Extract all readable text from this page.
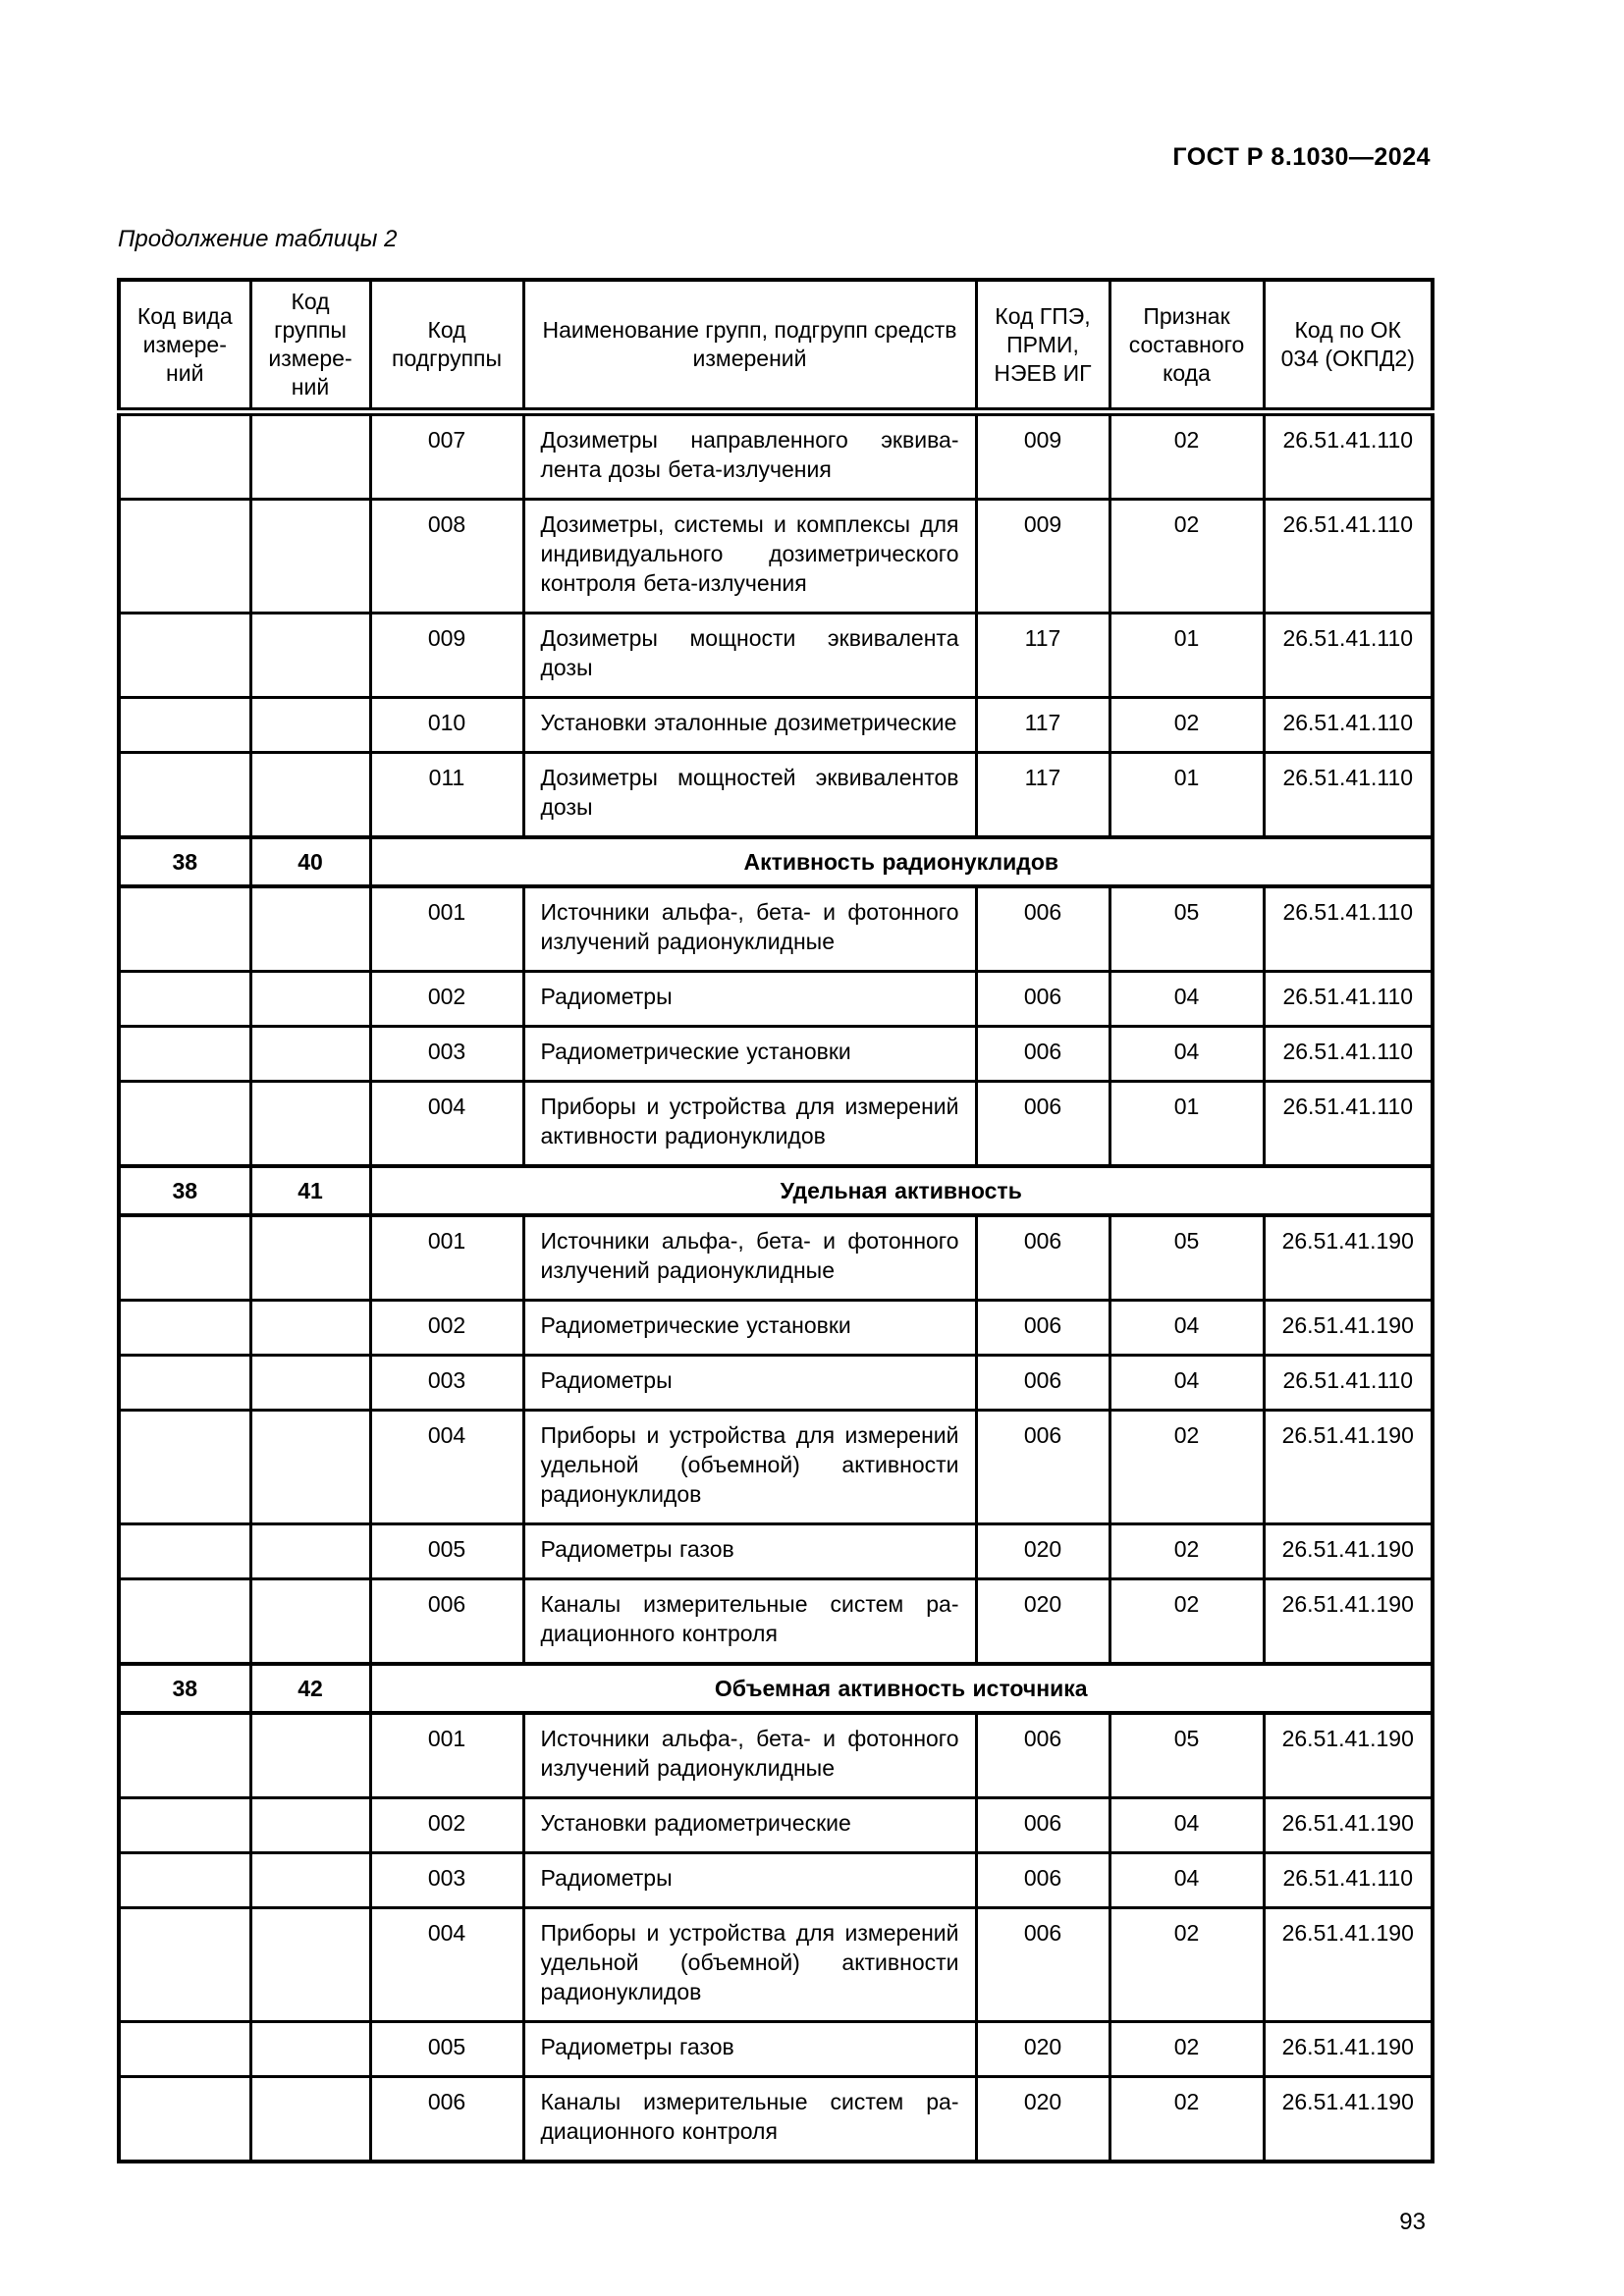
ГОСТ Р 8.1030—2024
Продолжение таблицы 2
Код вида измерений	Код группы измерений	Код подгруппы	Наименование групп, подгрупп средств измерений	Код ГПЭ, ПРМИ, НЭЕВ ИГ	Признак составного кода	Код по ОК 034 (ОКПД2)
		007	Дозиметры направленного эквивалента дозы бета-излучения	009	02	26.51.41.110
		008	Дозиметры, системы и комплексы для индивидуального дозиметрического контроля бета-излучения	009	02	26.51.41.110
		009	Дозиметры мощности эквивалента дозы	117	01	26.51.41.110
		010	Установки эталонные дозиметрические	117	02	26.51.41.110
		011	Дозиметры мощностей эквивалентов дозы	117	01	26.51.41.110
38	40	Активность радионуклидов				
		001	Источники альфа-, бета- и фотонного излучений радионуклидные	006	05	26.51.41.110
		002	Радиометры	006	04	26.51.41.110
		003	Радиометрические установки	006	04	26.51.41.110
		004	Приборы и устройства для измерений активности радионуклидов	006	01	26.51.41.110
38	41	Удельная активность				
		001	Источники альфа-, бета- и фотонного излучений радионуклидные	006	05	26.51.41.190
		002	Радиометрические установки	006	04	26.51.41.190
		003	Радиометры	006	04	26.51.41.110
		004	Приборы и устройства для измерений удельной (объемной) активности радионуклидов	006	02	26.51.41.190
		005	Радиометры газов	020	02	26.51.41.190
		006	Каналы измерительные систем радиационного контроля	020	02	26.51.41.190
38	42	Объемная активность источника				
		001	Источники альфа-, бета- и фотонного излучений радионуклидные	006	05	26.51.41.190
		002	Установки радиометрические	006	04	26.51.41.190
		003	Радиометры	006	04	26.51.41.110
		004	Приборы и устройства для измерений удельной (объемной) активности радионуклидов	006	02	26.51.41.190
		005	Радиометры газов	020	02	26.51.41.190
		006	Каналы измерительные систем радиационного контроля	020	02	26.51.41.190
93
